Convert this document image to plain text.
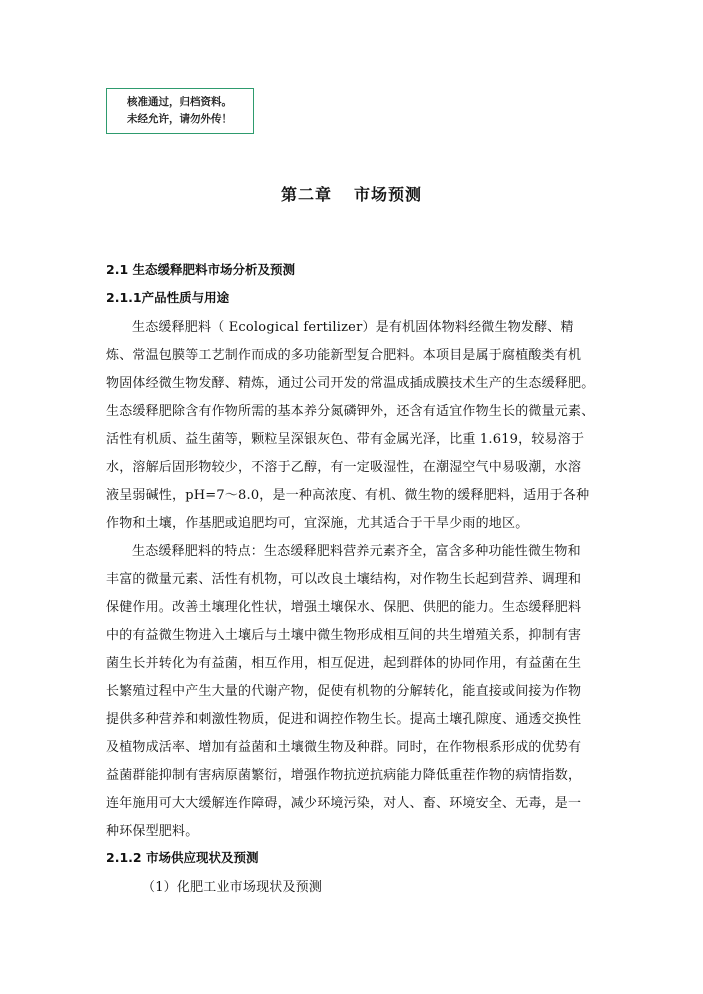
核准通过，归档资料。
未经允许，请勿外传！
第二章 市场预测
2.1 生态缓释肥料市场分析及预测
2.1.1产品性质与用途
生态缓释肥料（ Ecological fertilizer）是有机固体物料经微生物发酵、精
炼、常温包膜等工艺制作而成的多功能新型复合肥料。本项目是属于腐植酸类有机
物固体经微生物发酵、精炼，通过公司开发的常温成插成膜技术生产的生态缓释肥。
生态缓释肥除含有作物所需的基本养分氮磷钾外，还含有适宜作物生长的微量元素、
活性有机质、益生菌等，颗粒呈深银灰色、带有金属光泽，比重 1.619，较易溶于
水，溶解后固形物较少，不溶于乙醇，有一定吸湿性，在潮湿空气中易吸潮，水溶
液呈弱碱性，pH=7～8.0，是一种高浓度、有机、微生物的缓释肥料，适用于各种
作物和土壤，作基肥或追肥均可，宜深施，尤其适合于干旱少雨的地区。
生态缓释肥料的特点：生态缓释肥料营养元素齐全，富含多种功能性微生物和
丰富的微量元素、活性有机物，可以改良土壤结构，对作物生长起到营养、调理和
保健作用。改善土壤理化性状，增强土壤保水、保肥、供肥的能力。生态缓释肥料
中的有益微生物进入土壤后与土壤中微生物形成相互间的共生增殖关系，抑制有害
菌生长并转化为有益菌，相互作用，相互促进，起到群体的协同作用，有益菌在生
长繁殖过程中产生大量的代谢产物，促使有机物的分解转化，能直接或间接为作物
提供多种营养和刺激性物质，促进和调控作物生长。提高土壤孔隙度、通透交换性
及植物成活率、增加有益菌和土壤微生物及种群。同时，在作物根系形成的优势有
益菌群能抑制有害病原菌繁衍，增强作物抗逆抗病能力降低重茬作物的病情指数，
连年施用可大大缓解连作障碍，减少环境污染，对人、畜、环境安全、无毒，是一
种环保型肥料。
2.1.2 市场供应现状及预测
（1）化肥工业市场现状及预测
